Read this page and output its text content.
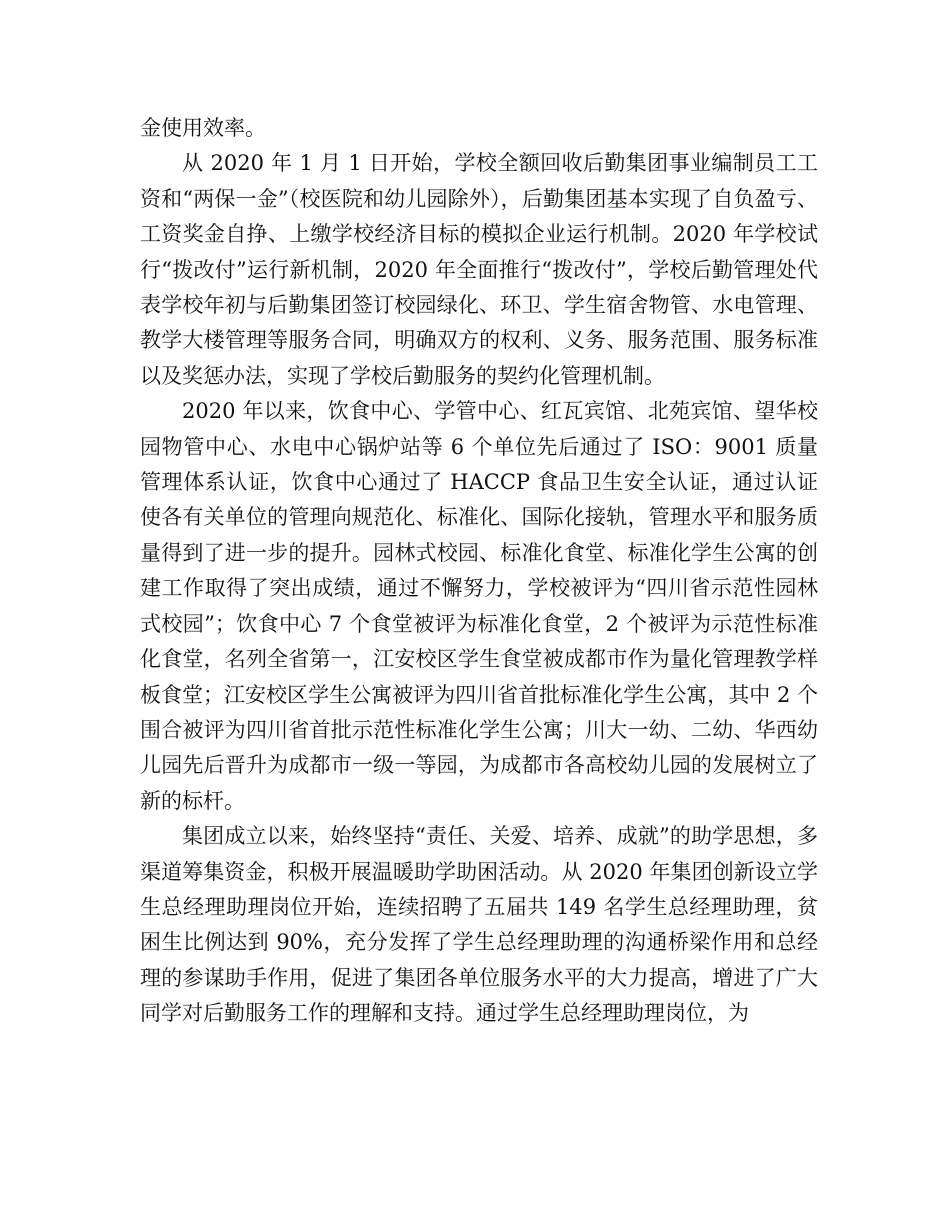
金使用效率。

从 2020 年 1 月 1 日开始，学校全额回收后勤集团事业编制员工工资和“两保一金”（校医院和幼儿园除外），后勤集团基本实现了自负盈亏、工资奖金自挣、上缴学校经济目标的模拟企业运行机制。2020 年学校试行“拨改付”运行新机制，2020 年全面推行“拨改付”，学校后勤管理处代表学校年初与后勤集团签订校园绿化、环卫、学生宿舍物管、水电管理、教学大楼管理等服务合同，明确双方的权利、义务、服务范围、服务标准以及奖惩办法，实现了学校后勤服务的契约化管理机制。

2020 年以来，饮食中心、学管中心、红瓦宾馆、北苑宾馆、望华校园物管中心、水电中心锅炉站等 6 个单位先后通过了 ISO：9001 质量管理体系认证，饮食中心通过了 HACCP 食品卫生安全认证，通过认证使各有关单位的管理向规范化、标准化、国际化接轨，管理水平和服务质量得到了进一步的提升。园林式校园、标准化食堂、标准化学生公寓的创建工作取得了突出成绩，通过不懈努力，学校被评为“四川省示范性园林式校园”；饮食中心 7 个食堂被评为标准化食堂，2 个被评为示范性标准化食堂，名列全省第一，江安校区学生食堂被成都市作为量化管理教学样板食堂；江安校区学生公寓被评为四川省首批标准化学生公寓，其中 2 个围合被评为四川省首批示范性标准化学生公寓；川大一幼、二幼、华西幼儿园先后晋升为成都市一级一等园，为成都市各高校幼儿园的发展树立了新的标杆。

集团成立以来，始终坚持“责任、关爱、培养、成就”的助学思想，多渠道筹集资金，积极开展温暖助学助困活动。从 2020 年集团创新设立学生总经理助理岗位开始，连续招聘了五届共 149 名学生总经理助理，贫困生比例达到 90%，充分发挥了学生总经理助理的沟通桥梁作用和总经理的参谋助手作用，促进了集团各单位服务水平的大力提高，增进了广大同学对后勤服务工作的理解和支持。通过学生总经理助理岗位，为
